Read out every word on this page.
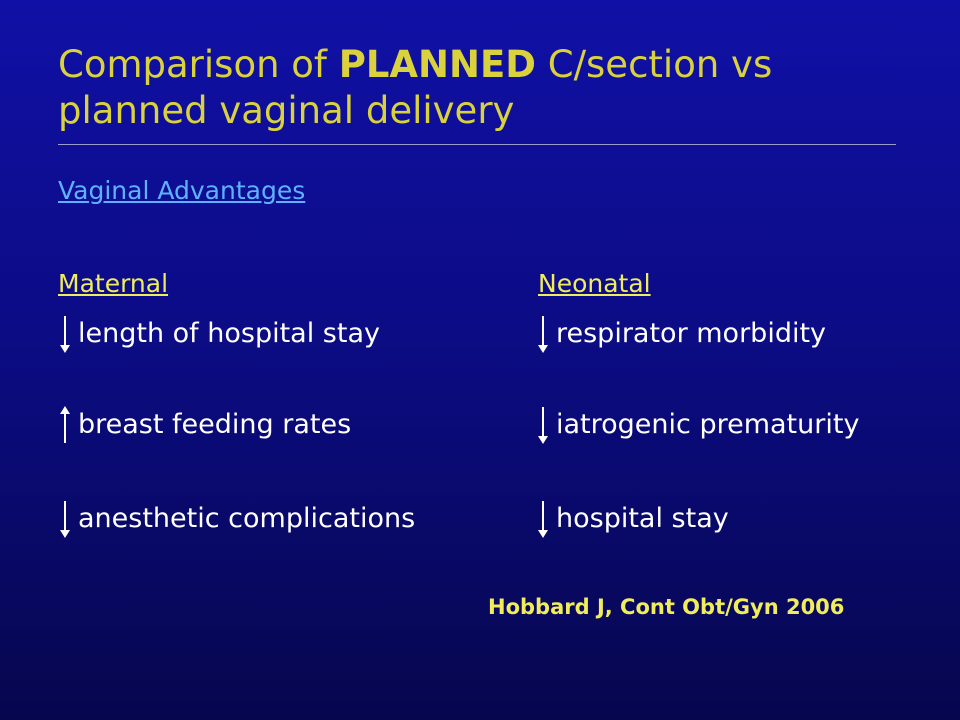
Comparison of PLANNED C/section vs planned vaginal delivery
Vaginal Advantages
Maternal	Neonatal
length of hospital stay
breast feeding rates
anesthetic complications
respirator morbidity
iatrogenic prematurity
hospital stay
Hobbard J, Cont Obt/Gyn 2006
